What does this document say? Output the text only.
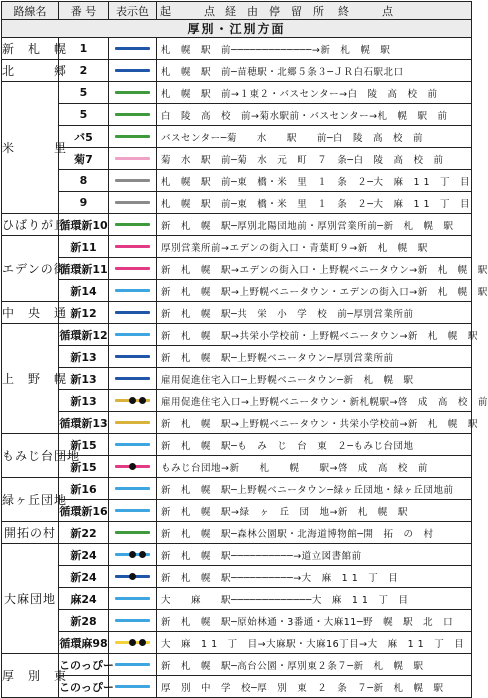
路線名	番 号	表示色	起　　　点 経　由　停　留　所 終　　　点
厚別・江別方面			
新　札　幌	1		札　幌　駅　前─────────────→新　札　幌　駅
北　　　郷	2		札　幌　駅　前─苗穂駅・北郷５条３─ＪＲ白石駅北口
米　　　里	5		札　幌　駅　前→１東２・バスセンター→白　陵　高　校　前
	5		白　陵　高　校　前→菊水駅前・バスセンター→札　幌　駅　前
	バ5		バスセンター─菊　　水　　駅　　前─白　陵　高　校　前
	菊7		菊　水　駅　前─菊　水　元　町　７　条─白　陵　高　校　前
	8		札　幌　駅　前─東　橋・米　里　１　条　２─大　麻　1 1　丁　目
	9		札　幌　駅　前─東　橋・米　里　１　条　２─大　麻　1 1　丁　目
ひばりが丘	循環新10		新　札　幌　駅─厚別北陽団地前・厚別営業所前─新　札　幌　駅
エデンの街	新11		厚別営業所前→エデンの街入口・青葉町９→新　札　幌　駅
	循環新11		新　札　幌　駅→エデンの街入口・上野幌ベニータウン→新　札　幌　駅
	新14		新　札　幌　駅→上野幌ベニータウン・エデンの街入口→新　札　幌　駅
中　央　通	新12		新　札　幌　駅─共　栄　小　学　校　前─厚別営業所前
上　野　幌	循環新12		新　札　幌　駅→共栄小学校前・上野幌ベニータウン→新　札　幌　駅
	新13		新　札　幌　駅─上野幌ベニータウン─厚別営業所前
	新13		雇用促進住宅入口─上野幌ベニータウン─新　札　幌　駅
	新13		雇用促進住宅入口→上野幌ベニータウン・新札幌駅→啓　成　高　校　前
	循環新13		新　札　幌　駅→上野幌ベニータウン・共栄小学校前→新　札　幌　駅
もみじ台団地	新15		新　札　幌　駅─も　み　じ　台　東　２─もみじ台団地
	新15		もみじ台団地→新　　札　　幌　　駅→啓　成　高　校　前
緑ヶ丘団地	新16		新　札　幌　駅─上野幌ベニータウン─緑ヶ丘団地・緑ヶ丘団地前
	循環新16		新　札　幌　駅→緑　ヶ　丘　団　地→新　札　幌　駅
開拓の村	新22		新　札　幌　駅─森林公園駅・北海道博物館─開　拓　の　村
大麻団地	新24		新　札　幌　駅──────────→道立図書館前
	新24		新　札　幌　駅──────────→大　麻　1 1　丁　目
	麻24		大　　麻　　駅─────────────大　麻　1 1　丁　目
	新28		新　札　幌　駅─原始林通・3番通・大麻11─野　幌　駅　北　口
	循環麻98		大　麻　1 1　丁　目→大麻駅・大麻16丁目→大　麻　1 1　丁　目
厚　別　東	このっぴー		新　札　幌　駅─高台公園・厚別東２条７─新　札　幌　駅
	このっぴー		厚　別　中　学　校─厚　別　東　２　条　７─新　札　幌　駅
